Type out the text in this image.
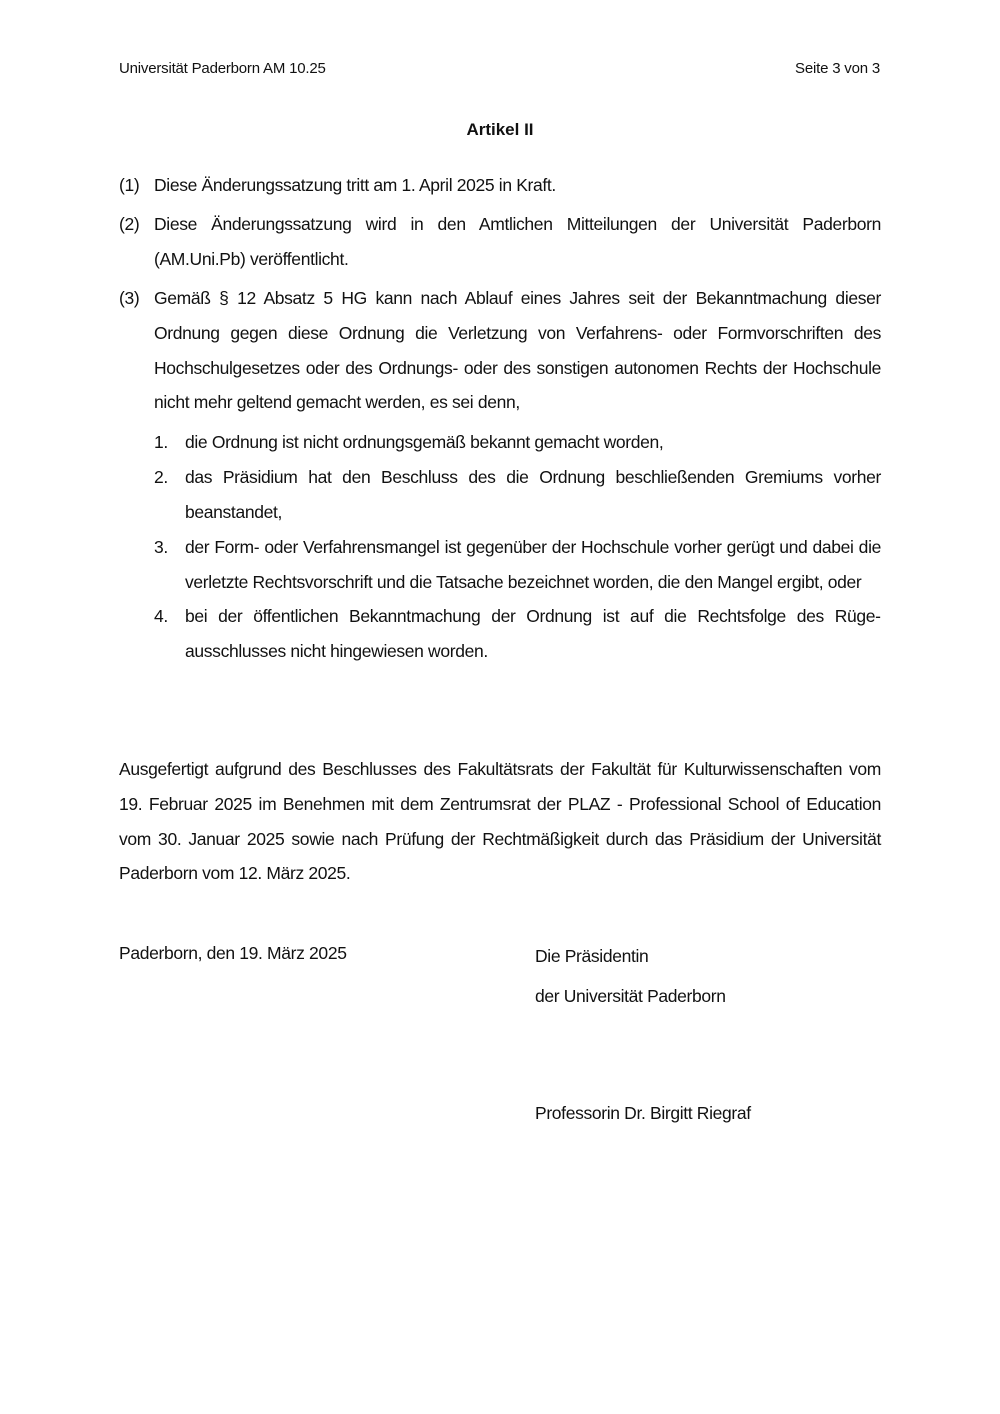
Universität Paderborn AM 10.25	Seite 3 von 3
Artikel II
(1) Diese Änderungssatzung tritt am 1. April 2025 in Kraft.
(2) Diese Änderungssatzung wird in den Amtlichen Mitteilungen der Universität Paderborn (AM.Uni.Pb) veröffentlicht.
(3) Gemäß § 12 Absatz 5 HG kann nach Ablauf eines Jahres seit der Bekanntmachung dieser Ordnung gegen diese Ordnung die Verletzung von Verfahrens- oder Formvorschriften des Hochschulgesetzes oder des Ordnungs- oder des sonstigen autonomen Rechts der Hochschule nicht mehr geltend gemacht werden, es sei denn,
1. die Ordnung ist nicht ordnungsgemäß bekannt gemacht worden,
2. das Präsidium hat den Beschluss des die Ordnung beschließenden Gremiums vorher beanstandet,
3. der Form- oder Verfahrensmangel ist gegenüber der Hochschule vorher gerügt und dabei die verletzte Rechtsvorschrift und die Tatsache bezeichnet worden, die den Mangel ergibt, oder
4. bei der öffentlichen Bekanntmachung der Ordnung ist auf die Rechtsfolge des Rügeausschlusses nicht hingewiesen worden.
Ausgefertigt aufgrund des Beschlusses des Fakultätsrats der Fakultät für Kulturwissenschaften vom 19. Februar 2025 im Benehmen mit dem Zentrumsrat der PLAZ - Professional School of Education vom 30. Januar 2025 sowie nach Prüfung der Rechtmäßigkeit durch das Präsidium der Universität Paderborn vom 12. März 2025.
Paderborn, den 19. März 2025	Die Präsidentin
der Universität Paderborn
Professorin Dr. Birgitt Riegraf
